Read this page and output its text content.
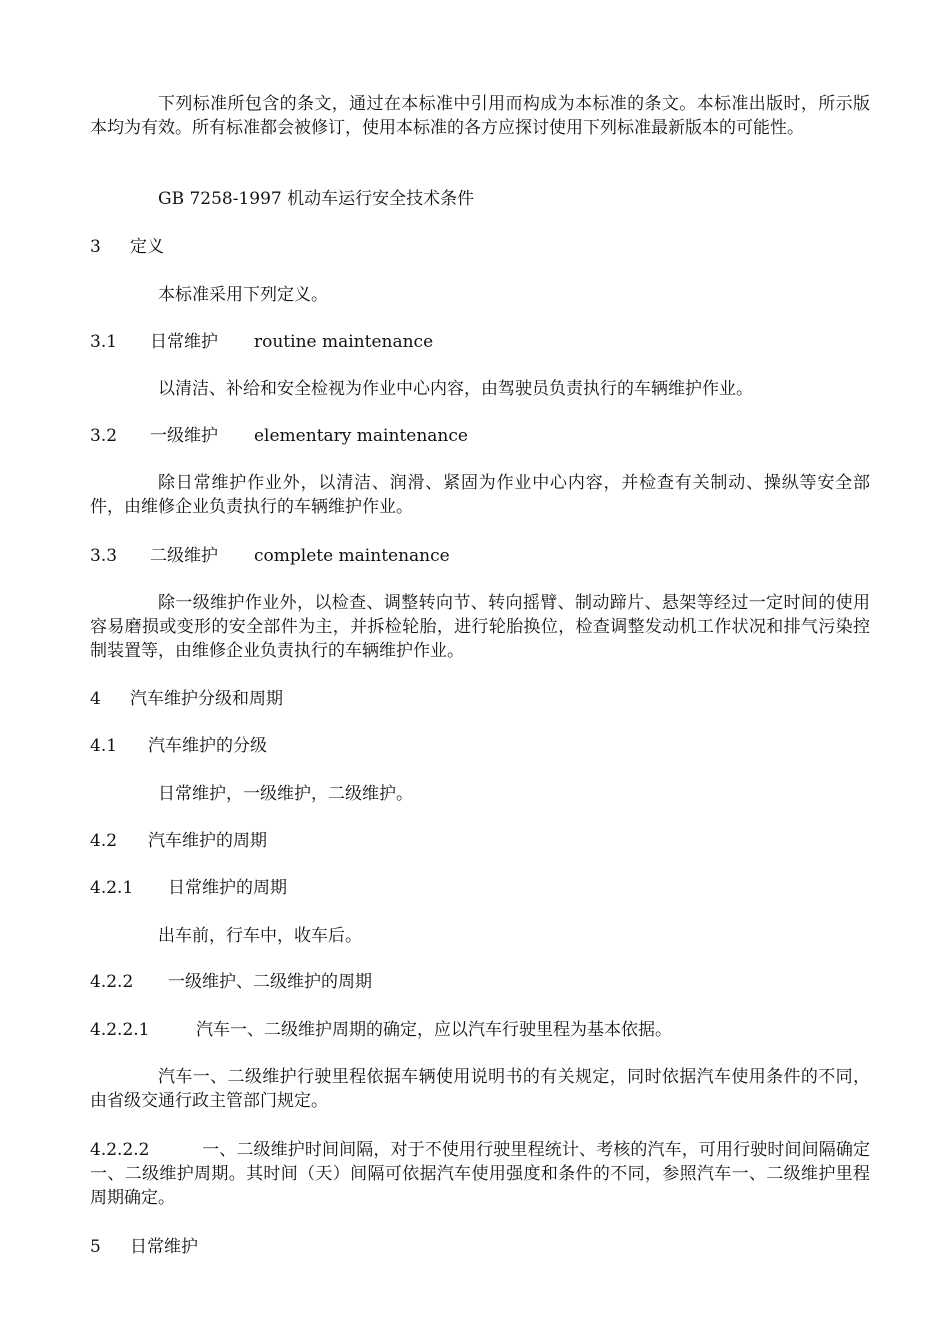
下列标准所包含的条文，通过在本标准中引用而构成为本标准的条文。本标准出版时，所示版本均为有效。所有标准都会被修订，使用本标准的各方应探讨使用下列标准最新版本的可能性。
GB 7258-1997 机动车运行安全技术条件
3 定义
本标准采用下列定义。
3.1 日常维护 routine maintenance
以清洁、补给和安全检视为作业中心内容，由驾驶员负责执行的车辆维护作业。
3.2 一级维护 elementary maintenance
除日常维护作业外，以清洁、润滑、紧固为作业中心内容，并检查有关制动、操纵等安全部件，由维修企业负责执行的车辆维护作业。
3.3 二级维护 complete maintenance
除一级维护作业外，以检查、调整转向节、转向摇臂、制动蹄片、悬架等经过一定时间的使用容易磨损或变形的安全部件为主，并拆检轮胎，进行轮胎换位，检查调整发动机工作状况和排气污染控制装置等，由维修企业负责执行的车辆维护作业。
4 汽车维护分级和周期
4.1 汽车维护的分级
日常维护，一级维护，二级维护。
4.2 汽车维护的周期
4.2.1 日常维护的周期
出车前，行车中，收车后。
4.2.2 一级维护、二级维护的周期
4.2.2.1	汽车一、二级维护周期的确定，应以汽车行驶里程为基本依据。
汽车一、二级维护行驶里程依据车辆使用说明书的有关规定，同时依据汽车使用条件的不同，由省级交通行政主管部门规定。
4.2.2.2	一、二级维护时间间隔，对于不使用行驶里程统计、考核的汽车，可用行驶时间间隔确定一、二级维护周期。其时间（天）间隔可依据汽车使用强度和条件的不同，参照汽车一、二级维护里程周期确定。
5 日常维护
